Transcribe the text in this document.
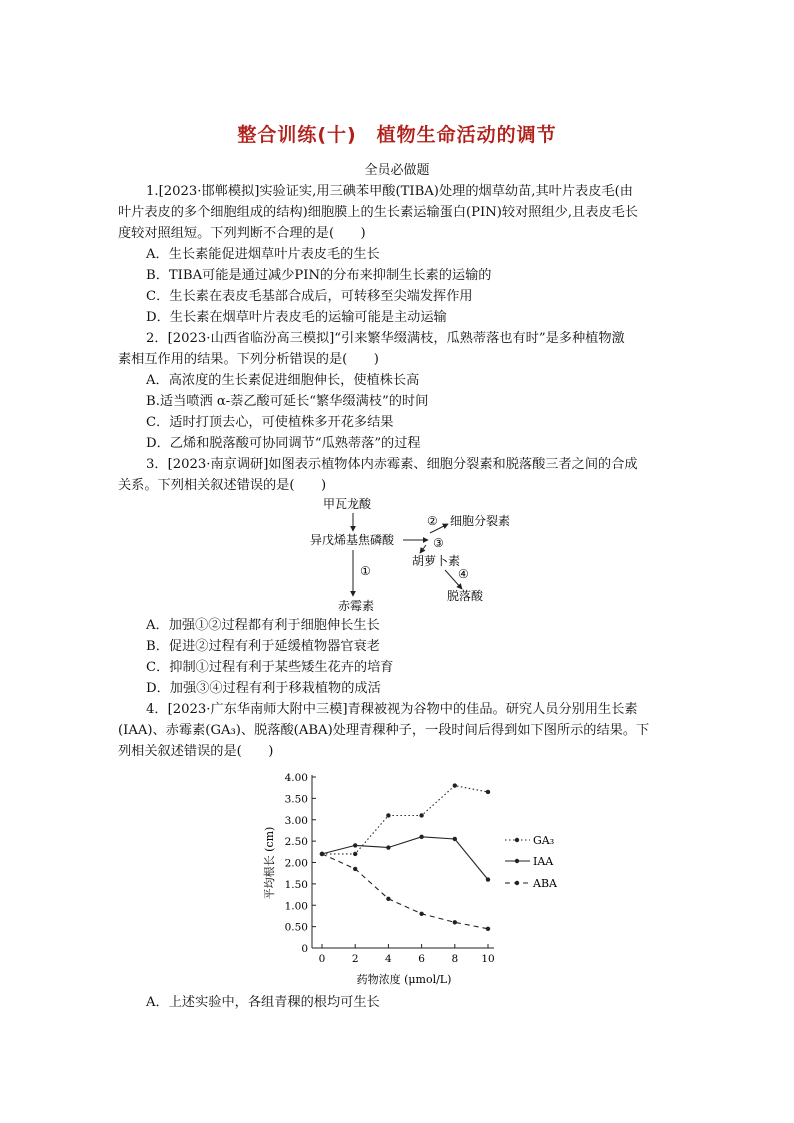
整合训练(十)　植物生命活动的调节
全员必做题
1.[2023·邯郸模拟]实验证实,用三碘苯甲酸(TIBA)处理的烟草幼苗,其叶片表皮毛(由
叶片表皮的多个细胞组成的结构)细胞膜上的生长素运输蛋白(PIN)较对照组少,且表皮毛长
度较对照组短。下列判断不合理的是(　　)
A．生长素能促进烟草叶片表皮毛的生长
B．TIBA可能是通过减少PIN的分布来抑制生长素的运输的
C．生长素在表皮毛基部合成后，可转移至尖端发挥作用
D．生长素在烟草叶片表皮毛的运输可能是主动运输
2．[2023·山西省临汾高三模拟]“引来繁华缀满枝，瓜熟蒂落也有时”是多种植物激
素相互作用的结果。下列分析错误的是(　　)
A．高浓度的生长素促进细胞伸长，使植株长高
B.适当喷洒 α-萘乙酸可延长“繁华缀满枝”的时间
C．适时打顶去心，可使植株多开花多结果
D．乙烯和脱落酸可协同调节“瓜熟蒂落”的过程
3．[2023·南京调研]如图表示植物体内赤霉素、细胞分裂素和脱落酸三者之间的合成
关系。下列相关叙述错误的是(　　)
甲瓦龙酸
异戊烯基焦磷酸
② 细胞分裂素
③
胡萝卜素
④
脱落酸
①
赤霉素
A．加强①②过程都有利于细胞伸长生长
B．促进②过程有利于延缓植物器官衰老
C．抑制①过程有利于某些矮生花卉的培育
D．加强③④过程有利于移栽植物的成活
4．[2023·广东华南师大附中三模]青稞被视为谷物中的佳品。研究人员分别用生长素
(IAA)、赤霉素(GA₃)、脱落酸(ABA)处理青稞种子，一段时间后得到如下图所示的结果。下
列相关叙述错误的是(　　)
0
0.50
1.00
1.50
2.00
2.50
3.00
3.50
4.00
0	2	4	6	8 10
GA₃
IAA
ABA
平均根长 (cm)
药物浓度 (μmol/L)
A．上述实验中，各组青稞的根均可生长
